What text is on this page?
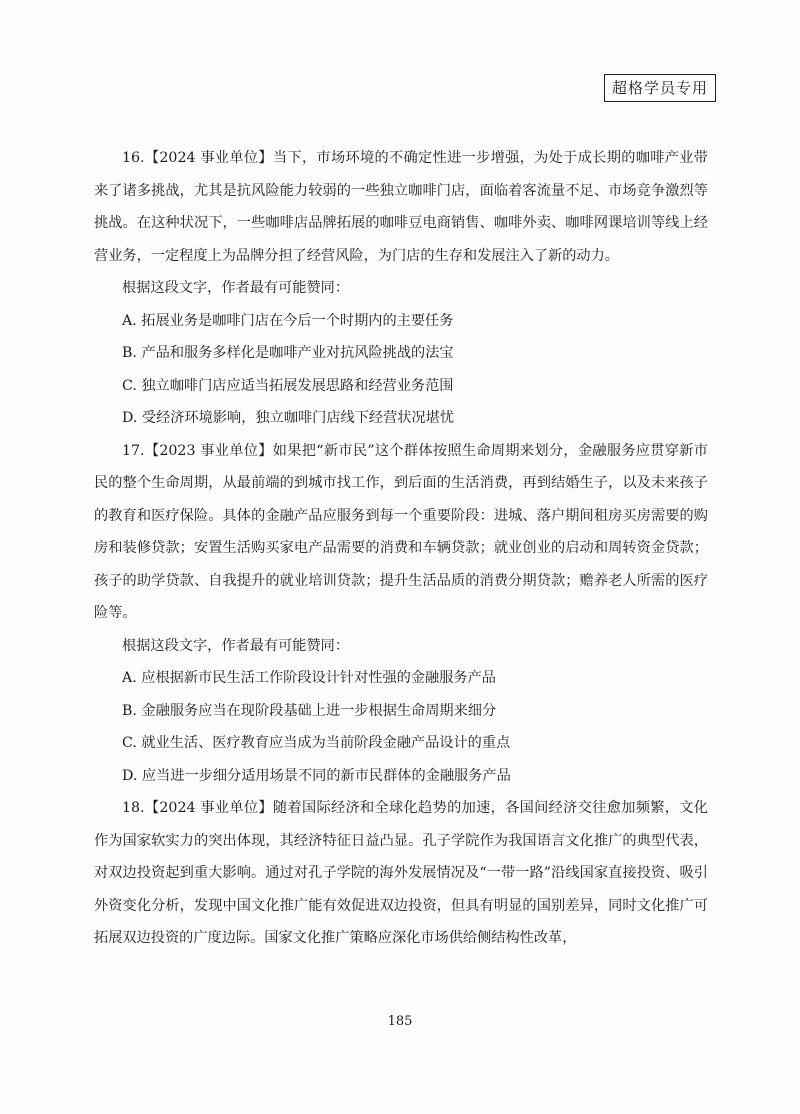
超格学员专用

16.【2024 事业单位】当下，市场环境的不确定性进一步增强，为处于成长期的咖啡产业带来了诸多挑战，尤其是抗风险能力较弱的一些独立咖啡门店，面临着客流量不足、市场竞争激烈等挑战。在这种状况下，一些咖啡店品牌拓展的咖啡豆电商销售、咖啡外卖、咖啡网课培训等线上经营业务，一定程度上为品牌分担了经营风险，为门店的生存和发展注入了新的动力。

根据这段文字，作者最有可能赞同：

A. 拓展业务是咖啡门店在今后一个时期内的主要任务

B. 产品和服务多样化是咖啡产业对抗风险挑战的法宝

C. 独立咖啡门店应适当拓展发展思路和经营业务范围

D. 受经济环境影响，独立咖啡门店线下经营状况堪忧

17.【2023 事业单位】如果把“新市民”这个群体按照生命周期来划分，金融服务应贯穿新市民的整个生命周期，从最前端的到城市找工作，到后面的生活消费，再到结婚生子，以及未来孩子的教育和医疗保险。具体的金融产品应服务到每一个重要阶段：进城、落户期间租房买房需要的购房和装修贷款；安置生活购买家电产品需要的消费和车辆贷款；就业创业的启动和周转资金贷款；孩子的助学贷款、自我提升的就业培训贷款；提升生活品质的消费分期贷款；赡养老人所需的医疗险等。

根据这段文字，作者最有可能赞同：

A. 应根据新市民生活工作阶段设计针对性强的金融服务产品

B. 金融服务应当在现阶段基础上进一步根据生命周期来细分

C. 就业生活、医疗教育应当成为当前阶段金融产品设计的重点

D. 应当进一步细分适用场景不同的新市民群体的金融服务产品

18.【2024 事业单位】随着国际经济和全球化趋势的加速，各国间经济交往愈加频繁，文化作为国家软实力的突出体现，其经济特征日益凸显。孔子学院作为我国语言文化推广的典型代表，对双边投资起到重大影响。通过对孔子学院的海外发展情况及“一带一路”沿线国家直接投资、吸引外资变化分析，发现中国文化推广能有效促进双边投资，但具有明显的国别差异，同时文化推广可拓展双边投资的广度边际。国家文化推广策略应深化市场供给侧结构性改革，

185
